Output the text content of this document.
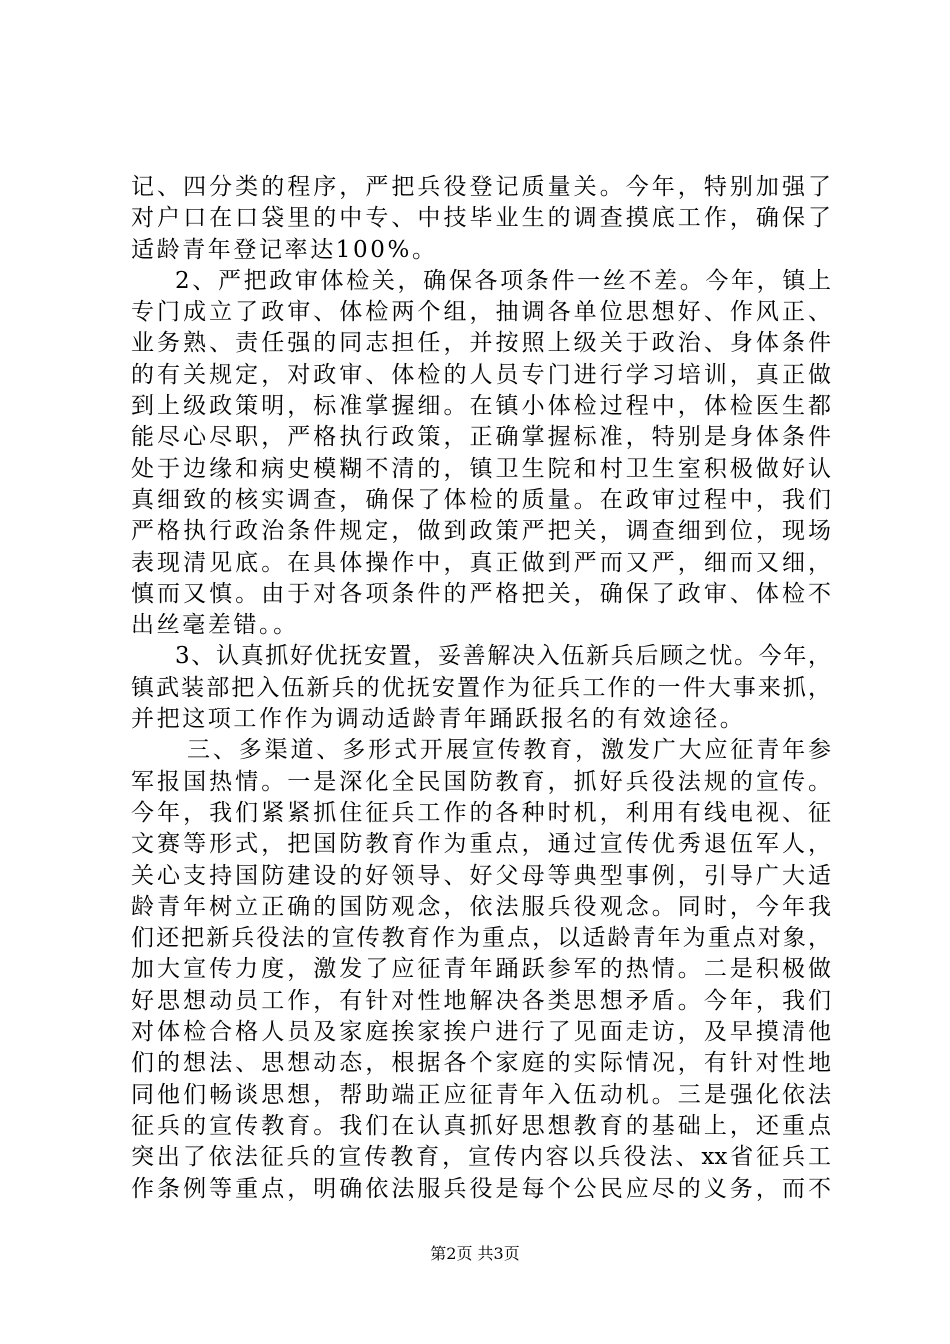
记、四分类的程序，严把兵役登记质量关。今年，特别加强了
对户口在口袋里的中专、中技毕业生的调查摸底工作，确保了
适龄青年登记率达100%。
2、严把政审体检关，确保各项条件一丝不差。今年，镇上
专门成立了政审、体检两个组，抽调各单位思想好、作风正、
业务熟、责任强的同志担任，并按照上级关于政治、身体条件
的有关规定，对政审、体检的人员专门进行学习培训，真正做
到上级政策明，标准掌握细。在镇小体检过程中，体检医生都
能尽心尽职，严格执行政策，正确掌握标准，特别是身体条件
处于边缘和病史模糊不清的，镇卫生院和村卫生室积极做好认
真细致的核实调查，确保了体检的质量。在政审过程中，我们
严格执行政治条件规定，做到政策严把关，调查细到位，现场
表现清见底。在具体操作中，真正做到严而又严，细而又细，
慎而又慎。由于对各项条件的严格把关，确保了政审、体检不
出丝毫差错。。
3、认真抓好优抚安置，妥善解决入伍新兵后顾之忧。今年，
镇武装部把入伍新兵的优抚安置作为征兵工作的一件大事来抓，
并把这项工作作为调动适龄青年踊跃报名的有效途径。
三、多渠道、多形式开展宣传教育，激发广大应征青年参
军报国热情。一是深化全民国防教育，抓好兵役法规的宣传。
今年，我们紧紧抓住征兵工作的各种时机，利用有线电视、征
文赛等形式，把国防教育作为重点，通过宣传优秀退伍军人，
关心支持国防建设的好领导、好父母等典型事例，引导广大适
龄青年树立正确的国防观念，依法服兵役观念。同时，今年我
们还把新兵役法的宣传教育作为重点，以适龄青年为重点对象，
加大宣传力度，激发了应征青年踊跃参军的热情。二是积极做
好思想动员工作，有针对性地解决各类思想矛盾。今年，我们
对体检合格人员及家庭挨家挨户进行了见面走访，及早摸清他
们的想法、思想动态，根据各个家庭的实际情况，有针对性地
同他们畅谈思想，帮助端正应征青年入伍动机。三是强化依法
征兵的宣传教育。我们在认真抓好思想教育的基础上，还重点
突出了依法征兵的宣传教育，宣传内容以兵役法、xx省征兵工
作条例等重点，明确依法服兵役是每个公民应尽的义务，而不
第2页 共3页
